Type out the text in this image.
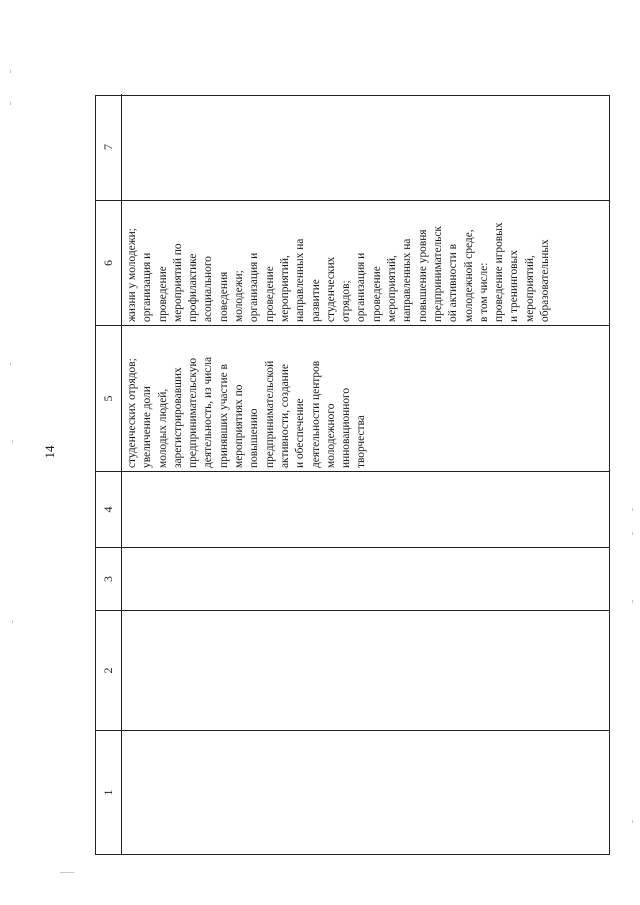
14
1
2
3
4
5
6
7
студенческих отрядов;
увеличение доли
молодых людей,
зарегистрировавших
предпринимательскую
деятельность, из числа
принявших участие в
мероприятиях по
повышению
предпринимательской
активности, создание
и обеспечение
деятельности центров
молодежного
инновационного
творчества
жизни у молодежи;
организация и
проведение
мероприятий по
профилактике
асоциального
поведения
молодежи;
организация и
проведение
мероприятий,
направленных на
развитие
студенческих
отрядов;
организация и
проведение
мероприятий,
направленных на
повышение уровня
предпринимательск
ой активности в
молодежной среде,
в том числе:
проведение игровых
и тренинговых
мероприятий,
образовательных
